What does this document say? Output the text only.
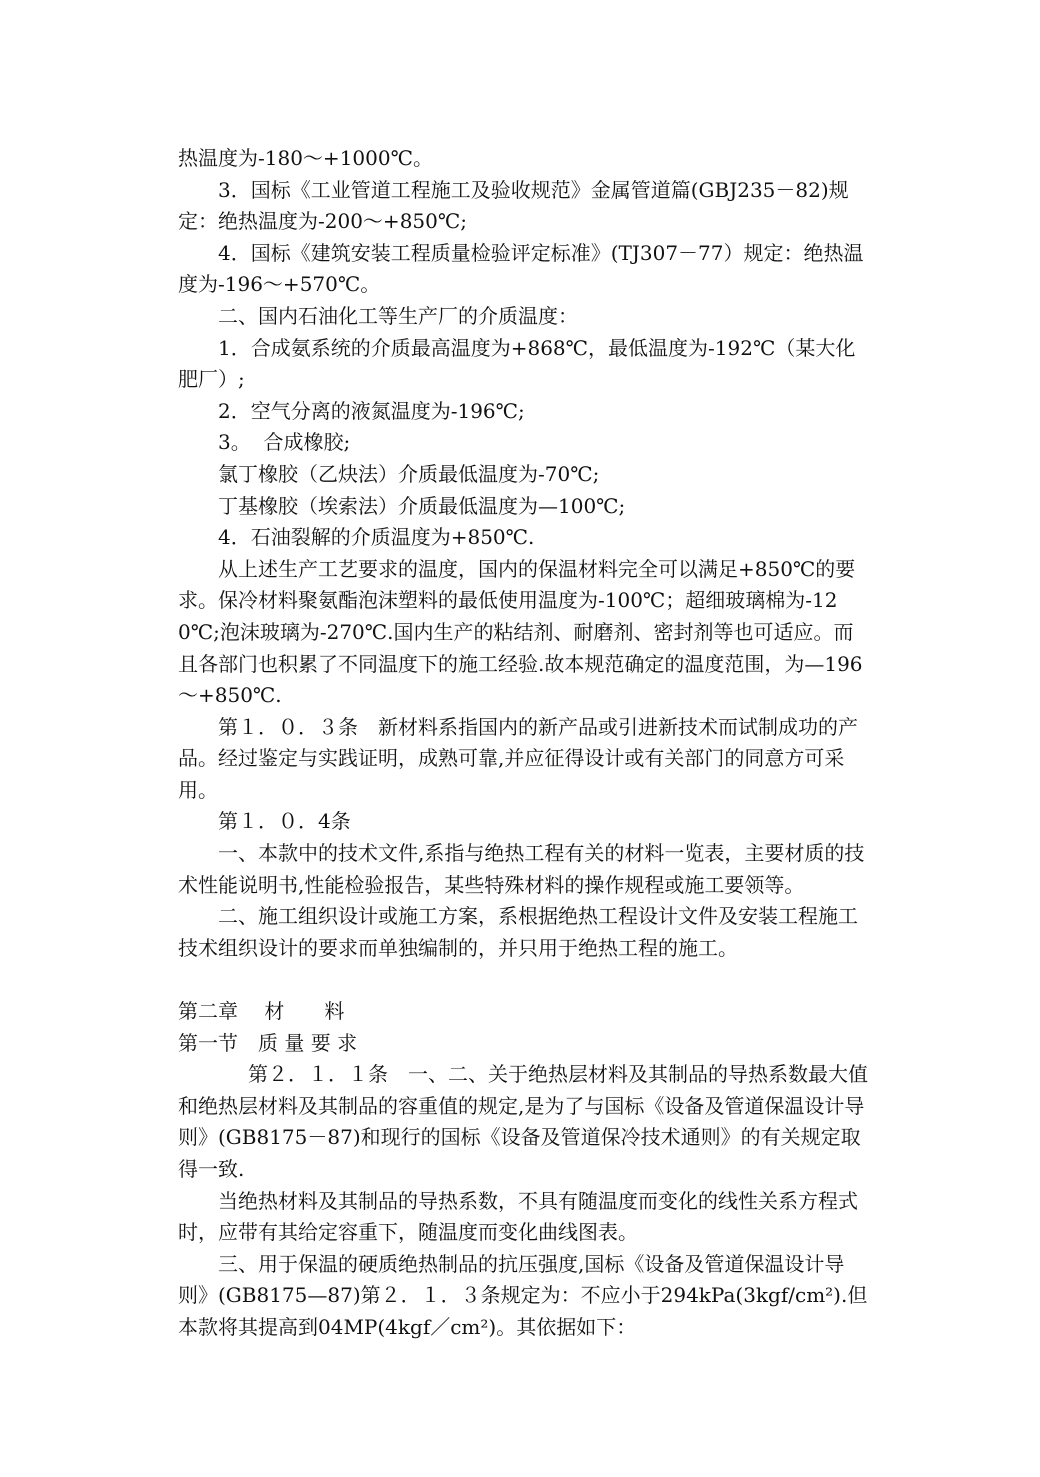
热温度为-180～+1000℃。

3．国标《工业管道工程施工及验收规范》金属管道篇(GBJ235－82)规定：绝热温度为-200～+850℃;

4．国标《建筑安装工程质量检验评定标准》(TJ307－77）规定：绝热温度为-196～+570℃。

二、国内石油化工等生产厂的介质温度：

1．合成氨系统的介质最高温度为+868℃，最低温度为-192℃（某大化肥厂）;

2．空气分离的液氮温度为-196℃;

3。  合成橡胶;

氯丁橡胶（乙炔法）介质最低温度为-70℃;

丁基橡胶（埃索法）介质最低温度为—100℃;

4．石油裂解的介质温度为+850℃.

从上述生产工艺要求的温度，国内的保温材料完全可以满足+850℃的要求。保冷材料聚氨酯泡沫塑料的最低使用温度为-100℃；超细玻璃棉为-120℃;泡沫玻璃为-270℃.国内生产的粘结剂、耐磨剂、密封剂等也可适应。而且各部门也积累了不同温度下的施工经验.故本规范确定的温度范围，为—196～+850℃.

第１．０．３条　新材料系指国内的新产品或引进新技术而试制成功的产品。经过鉴定与实践证明，成熟可靠,并应征得设计或有关部门的同意方可采用。

第１．０．4条

一、本款中的技术文件,系指与绝热工程有关的材料一览表，主要材质的技术性能说明书,性能检验报告，某些特殊材料的操作规程或施工要领等。

二、施工组织设计或施工方案，系根据绝热工程设计文件及安装工程施工技术组织设计的要求而单独编制的，并只用于绝热工程的施工。

第二章　 材　　料

第一节　质 量 要 求

第２．１．１条　一、二、关于绝热层材料及其制品的导热系数最大值和绝热层材料及其制品的容重值的规定,是为了与国标《设备及管道保温设计导则》(GB8175－87)和现行的国标《设备及管道保冷技术通则》的有关规定取得一致.

当绝热材料及其制品的导热系数，不具有随温度而变化的线性关系方程式时，应带有其给定容重下，随温度而变化曲线图表。

三、用于保温的硬质绝热制品的抗压强度,国标《设备及管道保温设计导则》(GB8175—87)第２．１．３条规定为：不应小于294kPa(3kgf/cm²).但本款将其提高到04MP(4kgf／cm²)。其依据如下：
